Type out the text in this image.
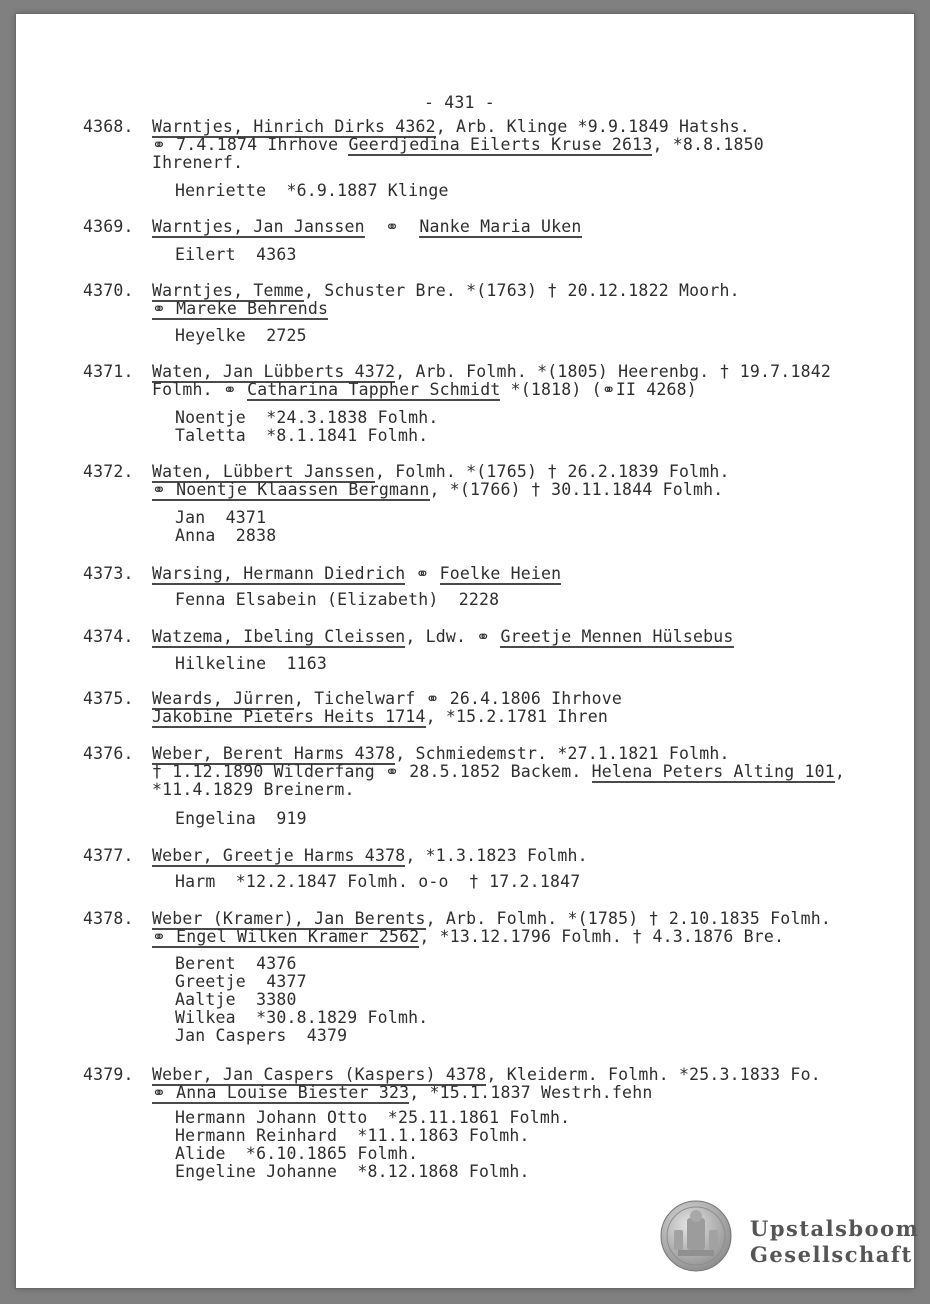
- 431 -
4368. Warntjes, Hinrich Dirks 4362, Arb. Klinge *9.9.1849 Hatshs.
⚭ 7.4.1874 Ihrhove Geerdjedina Eilerts Kruse 2613, *8.8.1850
Ihrenerf.
Henriette  *6.9.1887 Klinge
4369. Warntjes, Jan Janssen  ⚭  Nanke Maria Uken
Eilert  4363
4370. Warntjes, Temme, Schuster Bre. *(1763) † 20.12.1822 Moorh.
⚭ Mareke Behrends
Heyelke  2725
4371. Waten, Jan Lübberts 4372, Arb. Folmh. *(1805) Heerenbg. † 19.7.1842
Folmh. ⚭ Catharina Tappher Schmidt *(1818) (⚭II 4268)
Noentje  *24.3.1838 Folmh.
Taletta  *8.1.1841 Folmh.
4372. Waten, Lübbert Janssen, Folmh. *(1765) † 26.2.1839 Folmh.
⚭ Noentje Klaassen Bergmann, *(1766) † 30.11.1844 Folmh.
Jan  4371
Anna  2838
4373. Warsing, Hermann Diedrich ⚭ Foelke Heien
Fenna Elsabein (Elizabeth)  2228
4374. Watzema, Ibeling Cleissen, Ldw. ⚭ Greetje Mennen Hülsebus
Hilkeline  1163
4375. Weards, Jürren, Tichelwarf ⚭ 26.4.1806 Ihrhove
Jakobine Pieters Heits 1714, *15.2.1781 Ihren
4376. Weber, Berent Harms 4378, Schmiedemstr. *27.1.1821 Folmh.
† 1.12.1890 Wilderfang ⚭ 28.5.1852 Backem. Helena Peters Alting 101,
*11.4.1829 Breinerm.
Engelina  919
4377. Weber, Greetje Harms 4378, *1.3.1823 Folmh.
Harm  *12.2.1847 Folmh. o-o  † 17.2.1847
4378. Weber (Kramer), Jan Berents, Arb. Folmh. *(1785) † 2.10.1835 Folmh.
⚭ Engel Wilken Kramer 2562, *13.12.1796 Folmh. † 4.3.1876 Bre.
Berent  4376
Greetje  4377
Aaltje  3380
Wilkea  *30.8.1829 Folmh.
Jan Caspers  4379
4379. Weber, Jan Caspers (Kaspers) 4378, Kleiderm. Folmh. *25.3.1833 Fo.
⚭ Anna Louise Biester 323, *15.1.1837 Westrh.fehn
Hermann Johann Otto  *25.11.1861 Folmh.
Hermann Reinhard  *11.1.1863 Folmh.
Alide  *6.10.1865 Folmh.
Engeline Johanne  *8.12.1868 Folmh.
Upstalsboom
Gesellschaft
